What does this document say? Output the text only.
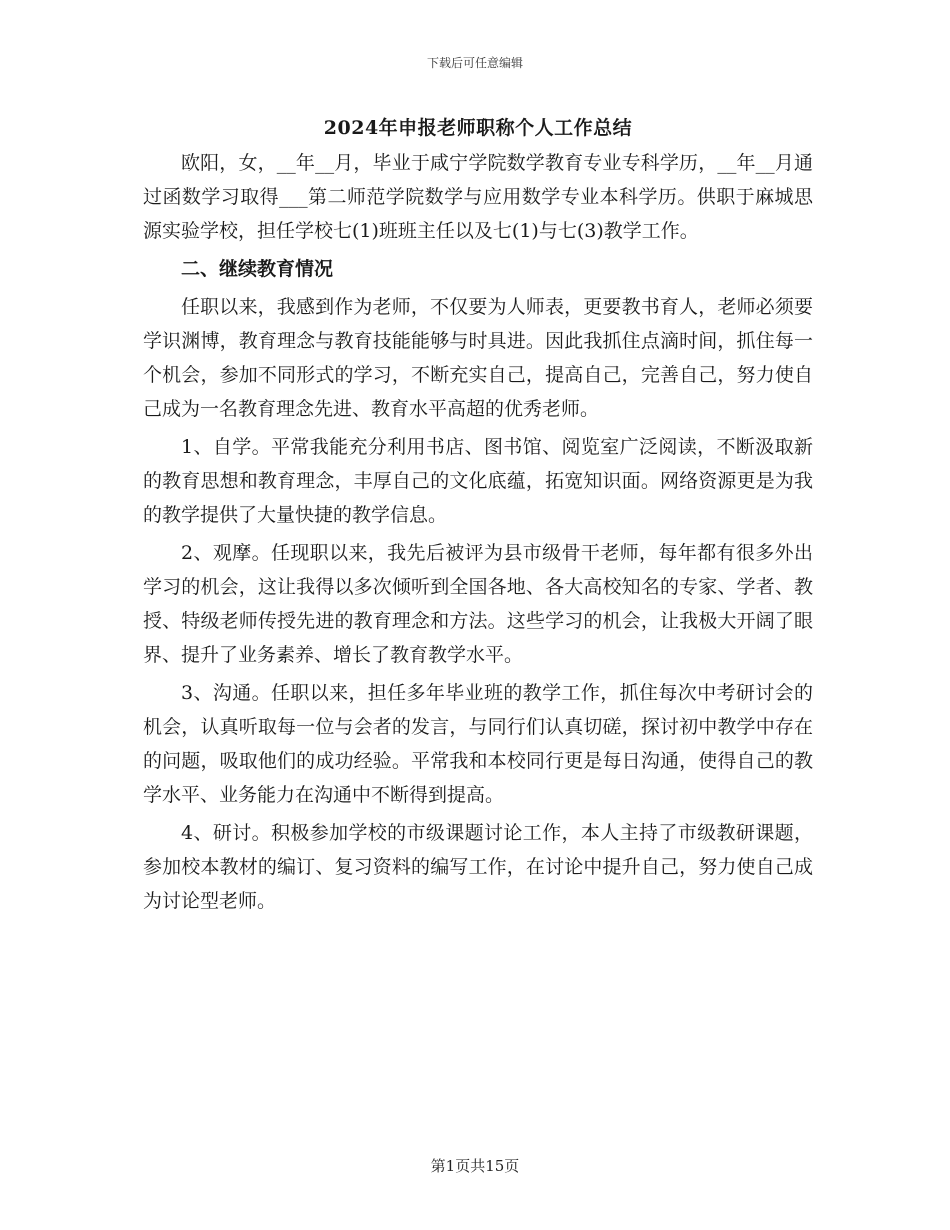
下载后可任意编辑
2024年申报老师职称个人工作总结

欧阳，女，__年__月，毕业于咸宁学院数学教育专业专科学历，__年__月通过函数学习取得___第二师范学院数学与应用数学专业本科学历。供职于麻城思源实验学校，担任学校七(1)班班主任以及七(1)与七(3)教学工作。

二、继续教育情况

任职以来，我感到作为老师，不仅要为人师表，更要教书育人，老师必须要学识渊博，教育理念与教育技能能够与时具进。因此我抓住点滴时间，抓住每一个机会，参加不同形式的学习，不断充实自己，提高自己，完善自己，努力使自己成为一名教育理念先进、教育水平高超的优秀老师。

1、自学。平常我能充分利用书店、图书馆、阅览室广泛阅读，不断汲取新的教育思想和教育理念，丰厚自己的文化底蕴，拓宽知识面。网络资源更是为我的教学提供了大量快捷的教学信息。

2、观摩。任现职以来，我先后被评为县市级骨干老师，每年都有很多外出学习的机会，这让我得以多次倾听到全国各地、各大高校知名的专家、学者、教授、特级老师传授先进的教育理念和方法。这些学习的机会，让我极大开阔了眼界、提升了业务素养、增长了教育教学水平。

3、沟通。任职以来，担任多年毕业班的教学工作，抓住每次中考研讨会的机会，认真听取每一位与会者的发言，与同行们认真切磋，探讨初中教学中存在的问题，吸取他们的成功经验。平常我和本校同行更是每日沟通，使得自己的教学水平、业务能力在沟通中不断得到提高。

4、研讨。积极参加学校的市级课题讨论工作，本人主持了市级教研课题，参加校本教材的编订、复习资料的编写工作，在讨论中提升自己，努力使自己成为讨论型老师。

第1页共15页
